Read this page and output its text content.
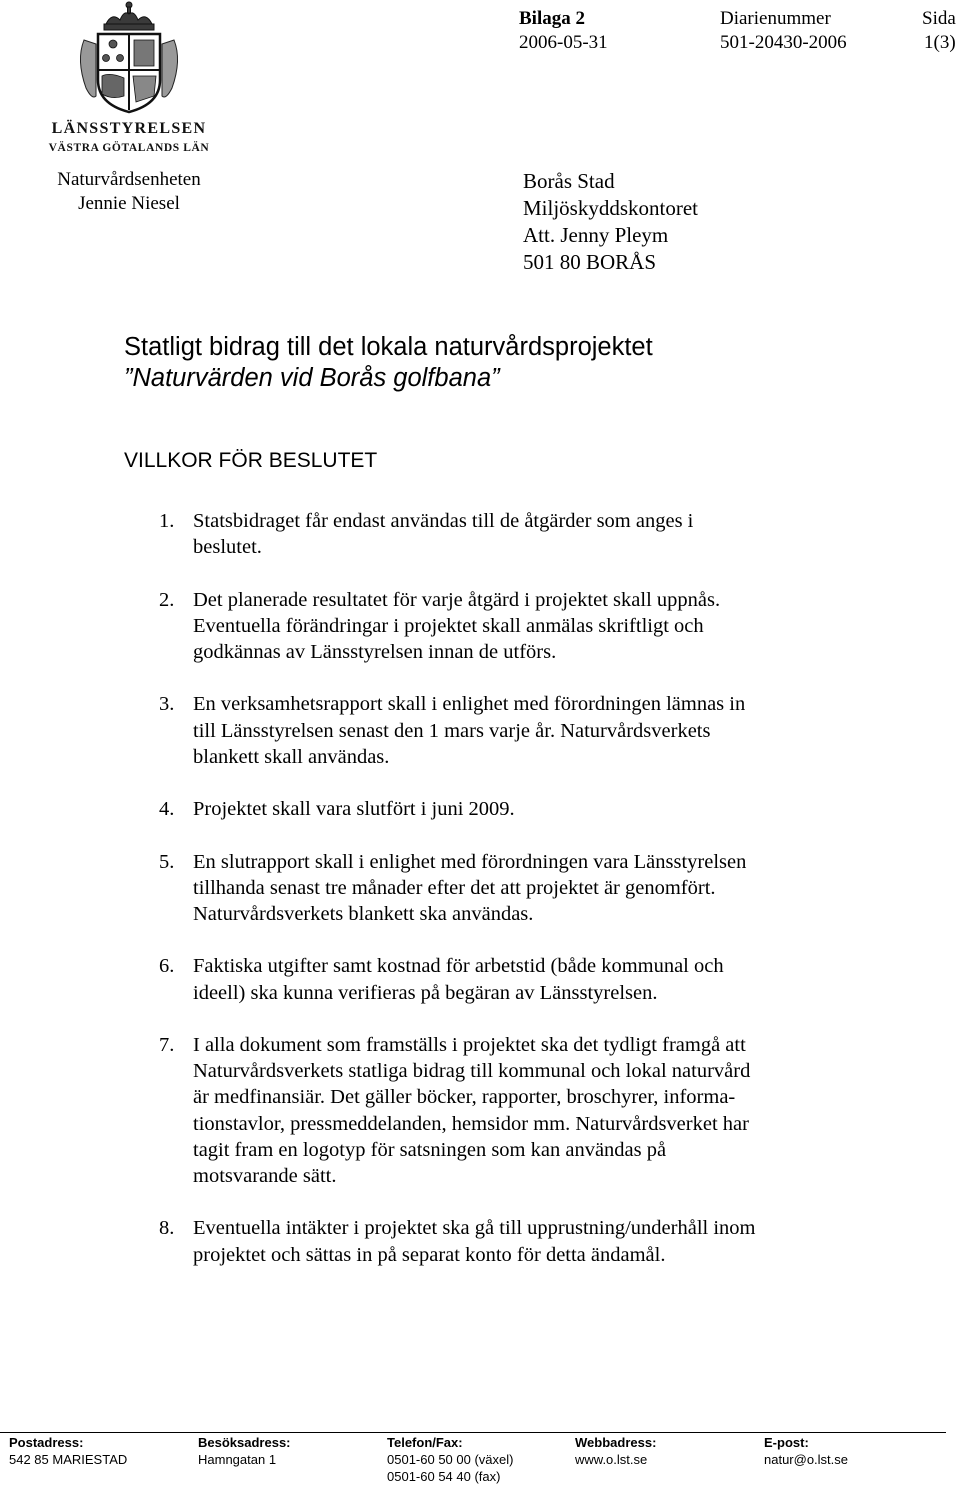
LÄNSSTYRELSEN
VÄSTRA GÖTALANDS LÄN
Bilaga 2
2006-05-31
Diarienummer
501-20430-2006
Sida
1(3)
Naturvårdsenheten
Jennie Niesel
Borås Stad
Miljöskyddskontoret
Att. Jenny Pleym
501 80 BORÅS
Statligt bidrag till det lokala naturvårdsprojektet
”Naturvärden vid Borås golfbana”
VILLKOR FÖR BESLUTET
1. Statsbidraget får endast användas till de åtgärder som anges i
beslutet.
2. Det planerade resultatet för varje åtgärd i projektet skall uppnås.
Eventuella förändringar i projektet skall anmälas skriftligt och
godkännas av Länsstyrelsen innan de utförs.
3. En verksamhetsrapport skall i enlighet med förordningen lämnas in
till Länsstyrelsen senast den 1 mars varje år. Naturvårdsverkets
blankett skall användas.
4. Projektet skall vara slutfört i juni 2009.
5. En slutrapport skall i enlighet med förordningen vara Länsstyrelsen
tillhanda senast tre månader efter det att projektet är genomfört.
Naturvårdsverkets blankett ska användas.
6. Faktiska utgifter samt kostnad för arbetstid (både kommunal och
ideell) ska kunna verifieras på begäran av Länsstyrelsen.
7. I alla dokument som framställs i projektet ska det tydligt framgå att
Naturvårdsverkets statliga bidrag till kommunal och lokal naturvård
är medfinansiär. Det gäller böcker, rapporter, broschyrer, informa-
tionstavlor, pressmeddelanden, hemsidor mm. Naturvårdsverket har
tagit fram en logotyp för satsningen som kan användas på
motsvarande sätt.
8. Eventuella intäkter i projektet ska gå till upprustning/underhåll inom
projektet och sättas in på separat konto för detta ändamål.
Postadress:
542 85 MARIESTAD
Besöksadress:
Hamngatan 1
Telefon/Fax:
0501-60 50 00 (växel)
0501-60 54 40 (fax)
Webbadress:
www.o.lst.se
E-post:
natur@o.lst.se
